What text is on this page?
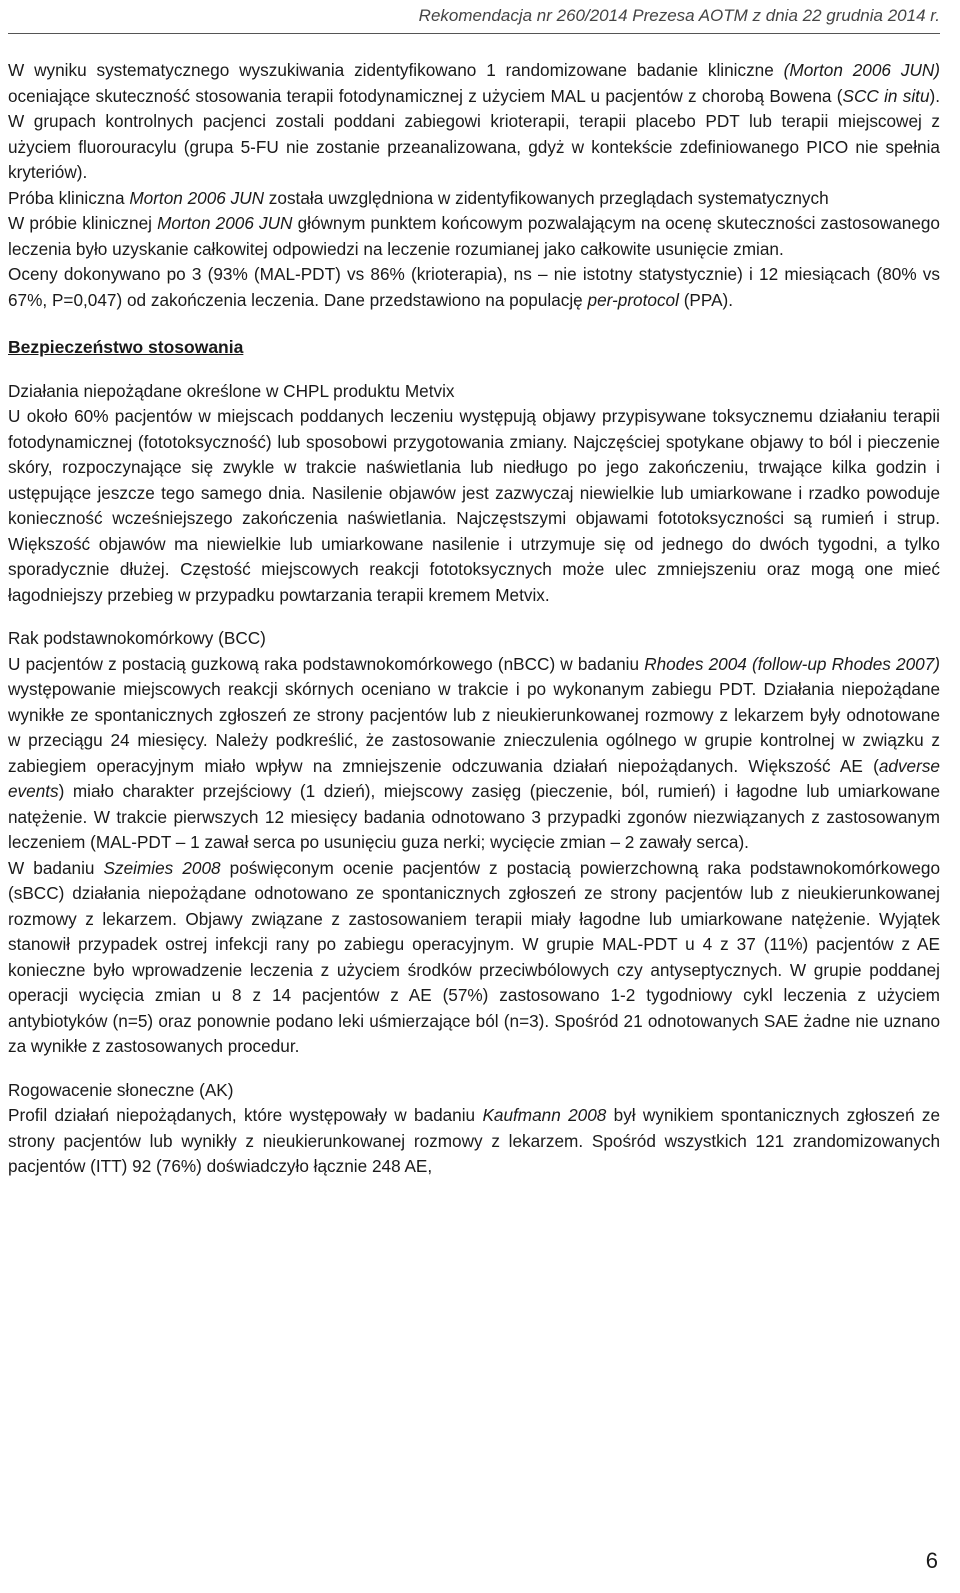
Rekomendacja nr 260/2014 Prezesa AOTM z dnia 22 grudnia 2014 r.

W wyniku systematycznego wyszukiwania zidentyfikowano 1 randomizowane badanie kliniczne (Morton 2006 JUN) oceniające skuteczność stosowania terapii fotodynamicznej z użyciem MAL u pacjentów z chorobą Bowena (SCC in situ). W grupach kontrolnych pacjenci zostali poddani zabiegowi krioterapii, terapii placebo PDT lub terapii miejscowej z użyciem fluorouracylu (grupa 5-FU nie zostanie przeanalizowana, gdyż w kontekście zdefiniowanego PICO nie spełnia kryteriów).

Próba kliniczna Morton 2006 JUN została uwzględniona w zidentyfikowanych przeglądach systematycznych

W próbie klinicznej Morton 2006 JUN głównym punktem końcowym pozwalającym na ocenę skuteczności zastosowanego leczenia było uzyskanie całkowitej odpowiedzi na leczenie rozumianej jako całkowite usunięcie zmian.

Oceny dokonywano po 3 (93% (MAL-PDT) vs 86% (krioterapia), ns – nie istotny statystycznie) i 12 miesiącach (80% vs 67%, P=0,047) od zakończenia leczenia. Dane przedstawiono na populację per-protocol (PPA).

Bezpieczeństwo stosowania

Działania niepożądane określone w CHPL produktu Metvix

U około 60% pacjentów w miejscach poddanych leczeniu występują objawy przypisywane toksycznemu działaniu terapii fotodynamicznej (fototoksyczność) lub sposobowi przygotowania zmiany. Najczęściej spotykane objawy to ból i pieczenie skóry, rozpoczynające się zwykle w trakcie naświetlania lub niedługo po jego zakończeniu, trwające kilka godzin i ustępujące jeszcze tego samego dnia. Nasilenie objawów jest zazwyczaj niewielkie lub umiarkowane i rzadko powoduje konieczność wcześniejszego zakończenia naświetlania. Najczęstszymi objawami fototoksyczności są rumień i strup. Większość objawów ma niewielkie lub umiarkowane nasilenie i utrzymuje się od jednego do dwóch tygodni, a tylko sporadycznie dłużej. Częstość miejscowych reakcji fototoksycznych może ulec zmniejszeniu oraz mogą one mieć łagodniejszy przebieg w przypadku powtarzania terapii kremem Metvix.

Rak podstawnokomórkowy (BCC)

U pacjentów z postacią guzkową raka podstawnokomórkowego (nBCC) w badaniu Rhodes 2004 (follow-up Rhodes 2007) występowanie miejscowych reakcji skórnych oceniano w trakcie i po wykonanym zabiegu PDT. Działania niepożądane wynikłe ze spontanicznych zgłoszeń ze strony pacjentów lub z nieukierunkowanej rozmowy z lekarzem były odnotowane w przeciągu 24 miesięcy. Należy podkreślić, że zastosowanie znieczulenia ogólnego w grupie kontrolnej w związku z zabiegiem operacyjnym miało wpływ na zmniejszenie odczuwania działań niepożądanych. Większość AE (adverse events) miało charakter przejściowy (1 dzień), miejscowy zasięg (pieczenie, ból, rumień) i łagodne lub umiarkowane natężenie. W trakcie pierwszych 12 miesięcy badania odnotowano 3 przypadki zgonów niezwiązanych z zastosowanym leczeniem (MAL-PDT – 1 zawał serca po usunięciu guza nerki; wycięcie zmian – 2 zawały serca).

W badaniu Szeimies 2008 poświęconym ocenie pacjentów z postacią powierzchowną raka podstawnokomórkowego (sBCC) działania niepożądane odnotowano ze spontanicznych zgłoszeń ze strony pacjentów lub z nieukierunkowanej rozmowy z lekarzem. Objawy związane z zastosowaniem terapii miały łagodne lub umiarkowane natężenie. Wyjątek stanowił przypadek ostrej infekcji rany po zabiegu operacyjnym. W grupie MAL-PDT u 4 z 37 (11%) pacjentów z AE konieczne było wprowadzenie leczenia z użyciem środków przeciwbólowych czy antyseptycznych. W grupie poddanej operacji wycięcia zmian u 8 z 14 pacjentów z AE (57%) zastosowano 1-2 tygodniowy cykl leczenia z użyciem antybiotyków (n=5) oraz ponownie podano leki uśmierzające ból (n=3). Spośród 21 odnotowanych SAE żadne nie uznano za wynikłe z zastosowanych procedur.

Rogowacenie słoneczne (AK)

Profil działań niepożądanych, które występowały w badaniu Kaufmann 2008 był wynikiem spontanicznych zgłoszeń ze strony pacjentów lub wynikły z nieukierunkowanej rozmowy z lekarzem. Spośród wszystkich 121 zrandomizowanych pacjentów (ITT) 92 (76%) doświadczyło łącznie 248 AE,

6
